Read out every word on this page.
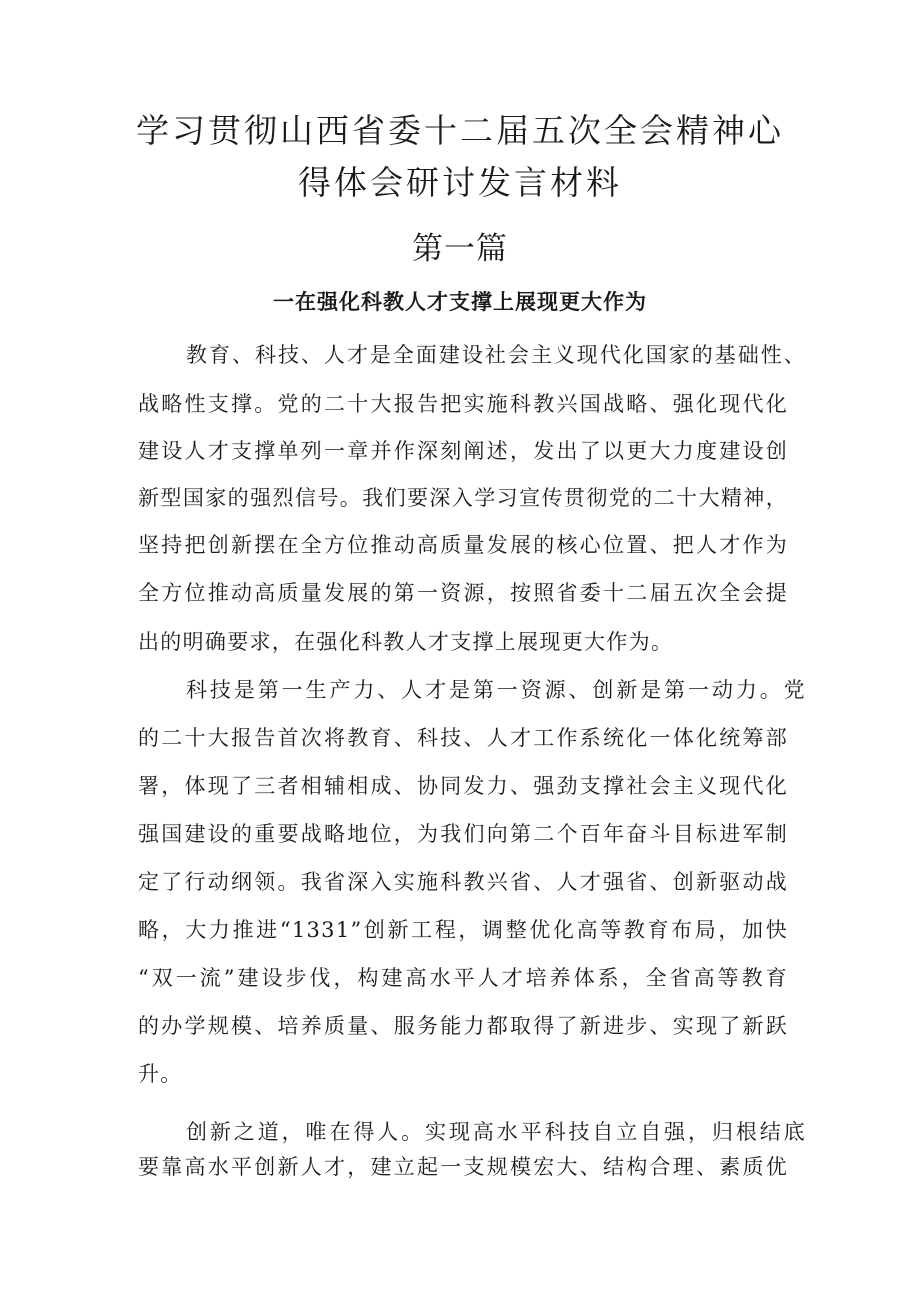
学习贯彻山西省委十二届五次全会精神心
得体会研讨发言材料
第一篇
一在强化科教人才支撑上展现更大作为
教育、科技、人才是全面建设社会主义现代化国家的基础性、
战略性支撑。党的二十大报告把实施科教兴国战略、强化现代化
建设人才支撑单列一章并作深刻阐述，发出了以更大力度建设创
新型国家的强烈信号。我们要深入学习宣传贯彻党的二十大精神，
坚持把创新摆在全方位推动高质量发展的核心位置、把人才作为
全方位推动高质量发展的第一资源，按照省委十二届五次全会提
出的明确要求，在强化科教人才支撑上展现更大作为。
科技是第一生产力、人才是第一资源、创新是第一动力。党
的二十大报告首次将教育、科技、人才工作系统化一体化统筹部
署，体现了三者相辅相成、协同发力、强劲支撑社会主义现代化
强国建设的重要战略地位，为我们向第二个百年奋斗目标进军制
定了行动纲领。我省深入实施科教兴省、人才强省、创新驱动战
略，大力推进“1331”创新工程，调整优化高等教育布局，加快
“双一流”建设步伐，构建高水平人才培养体系，全省高等教育
的办学规模、培养质量、服务能力都取得了新进步、实现了新跃
升。
创新之道，唯在得人。实现高水平科技自立自强，归根结底
要靠高水平创新人才，建立起一支规模宏大、结构合理、素质优
